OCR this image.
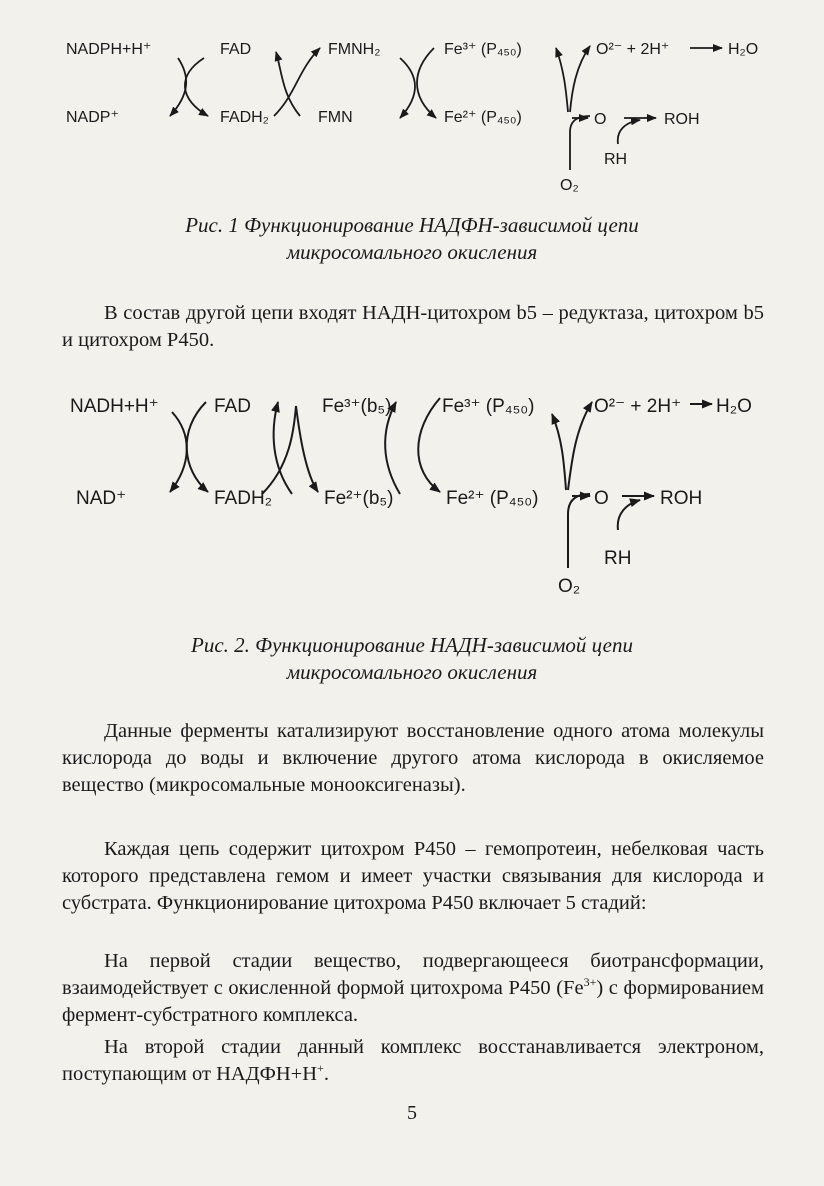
NADPH+H⁺
NADP⁺
FAD
FADH₂
FMNH₂
FMN
Fe³⁺ (P₄₅₀)
Fe²⁺ (P₄₅₀)
O²⁻ + 2H⁺	H₂O
O	ROH
RH
O₂
Рис. 1 Функционирование НАДФН-зависимой цепи
микросомального окисления
В состав другой цепи входят НАДН-цитохром b5 – редуктаза, цитохром b5 и цитохром Р450.
NADH+H⁺
NAD⁺
FAD
FADH₂
Fe³⁺(b₅)
Fe²⁺(b₅)
Fe³⁺ (P₄₅₀)
Fe²⁺ (P₄₅₀)
O²⁻ + 2H⁺ H₂O
O	ROH
RH
O₂
Рис. 2. Функционирование НАДН-зависимой цепи
микросомального окисления
Данные ферменты катализируют восстановление одного атома молекулы кислорода до воды и включение другого атома кислорода в окисляемое вещество (микросомальные монооксигеназы).
Каждая цепь содержит цитохром Р450 – гемопротеин, небелковая часть которого представлена гемом и имеет участки связывания для кислорода и субстрата. Функционирование цитохрома Р450 включает 5 стадий:
На первой стадии вещество, подвергающееся биотрансформации, взаимодействует с окисленной формой цитохрома Р450 $(Fe^{3+})$ с формированием фермент-субстратного комплекса.
На второй стадии данный комплекс восстанавливается электроном, поступающим от НАДФН+Н+.
5
